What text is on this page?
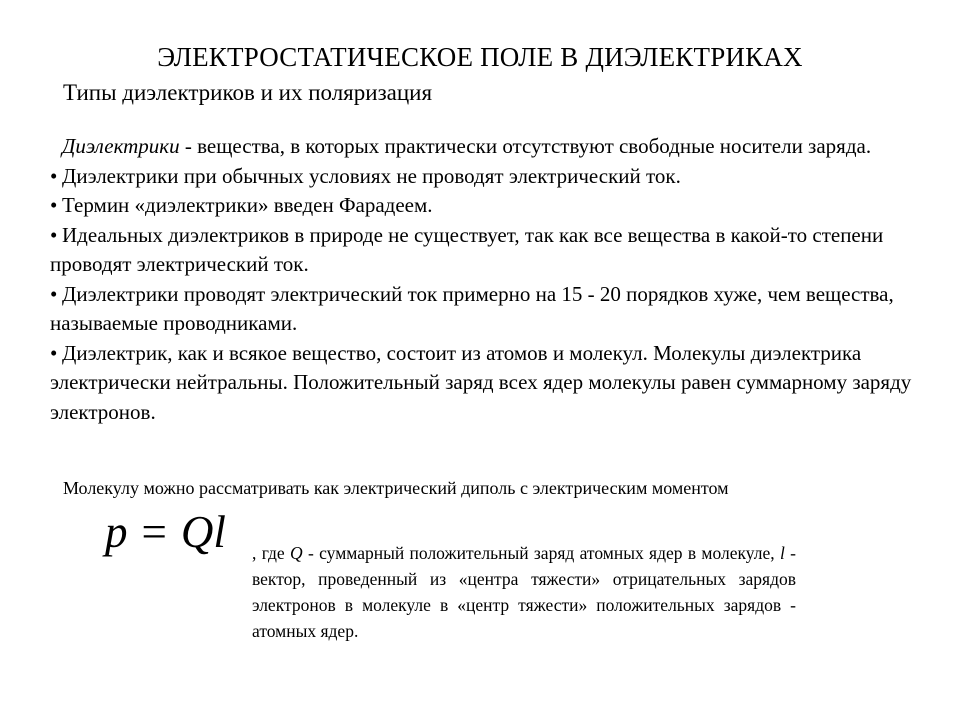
ЭЛЕКТРОСТАТИЧЕСКОЕ ПОЛЕ В ДИЭЛЕКТРИКАХ
Типы диэлектриков и их поляризация

Диэлектрики - вещества, в которых практически отсутствуют свободные носители заряда.

• Диэлектрики при обычных условиях не проводят электрический ток.

• Термин «диэлектрики» введен Фарадеем.

• Идеальных диэлектриков в природе не существует, так как все вещества в какой-то степени проводят электрический ток.

• Диэлектрики проводят электрический ток примерно на 15 - 20 порядков хуже, чем вещества, называемые проводниками.

• Диэлектрик, как и всякое вещество, состоит из атомов и молекул. Молекулы диэлектрика электрически нейтральны. Положительный заряд всех ядер молекулы равен суммарному заряду электронов.

Молекулу можно рассматривать как электрический диполь с электрическим моментом
p = Ql	, где Q - суммарный положительный заряд атомных ядер в молекуле, l - вектор, проведенный из «центра тяжести» отрицательных зарядов электронов в молекуле в «центр тяжести» положительных зарядов - атомных ядер.
